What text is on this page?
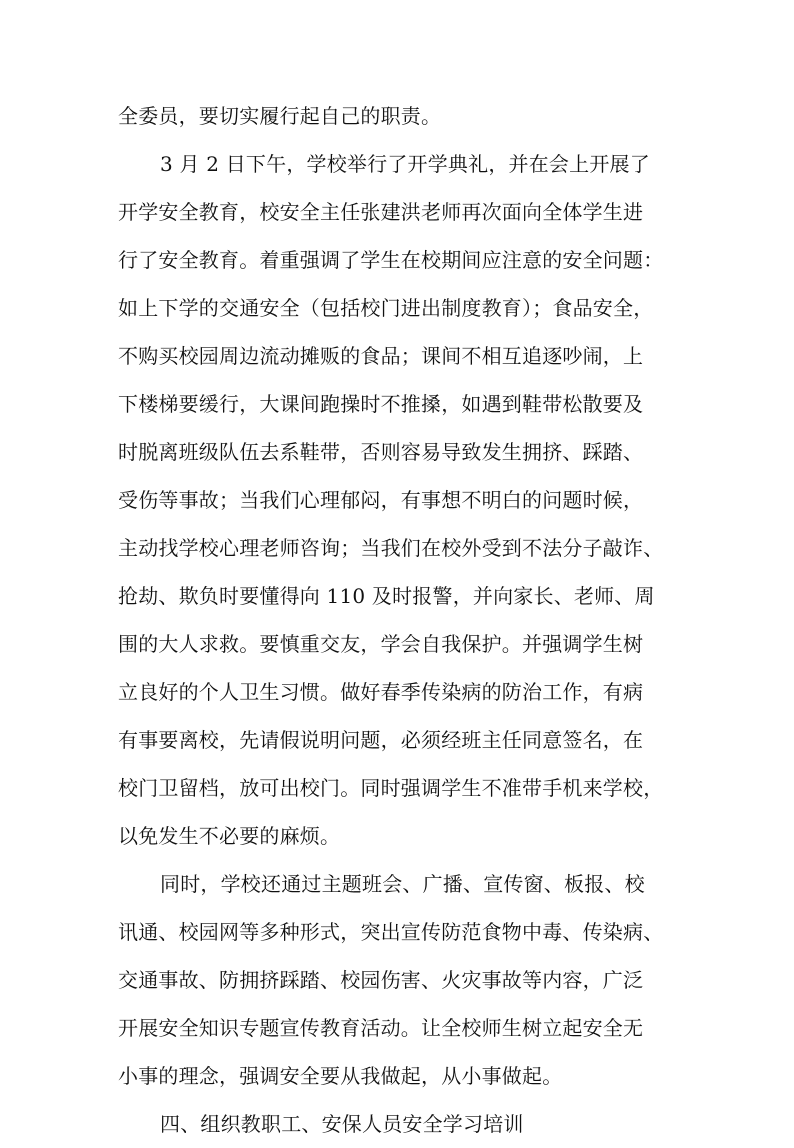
全委员，要切实履行起自己的职责。
3 月 2 日下午，学校举行了开学典礼，并在会上开展了
开学安全教育，校安全主任张建洪老师再次面向全体学生进
行了安全教育。着重强调了学生在校期间应注意的安全问题：
如上下学的交通安全（包括校门进出制度教育）；食品安全，
不购买校园周边流动摊贩的食品；课间不相互追逐吵闹，上
下楼梯要缓行，大课间跑操时不推搡，如遇到鞋带松散要及
时脱离班级队伍去系鞋带，否则容易导致发生拥挤、踩踏、
受伤等事故；当我们心理郁闷，有事想不明白的问题时候，
主动找学校心理老师咨询；当我们在校外受到不法分子敲诈、
抢劫、欺负时要懂得向 110 及时报警，并向家长、老师、周
围的大人求救。要慎重交友，学会自我保护。并强调学生树
立良好的个人卫生习惯。做好春季传染病的防治工作，有病
有事要离校，先请假说明问题，必须经班主任同意签名，在
校门卫留档，放可出校门。同时强调学生不准带手机来学校，
以免发生不必要的麻烦。
同时，学校还通过主题班会、广播、宣传窗、板报、校
讯通、校园网等多种形式，突出宣传防范食物中毒、传染病、
交通事故、防拥挤踩踏、校园伤害、火灾事故等内容，广泛
开展安全知识专题宣传教育活动。让全校师生树立起安全无
小事的理念，强调安全要从我做起，从小事做起。
四、组织教职工、安保人员安全学习培训
